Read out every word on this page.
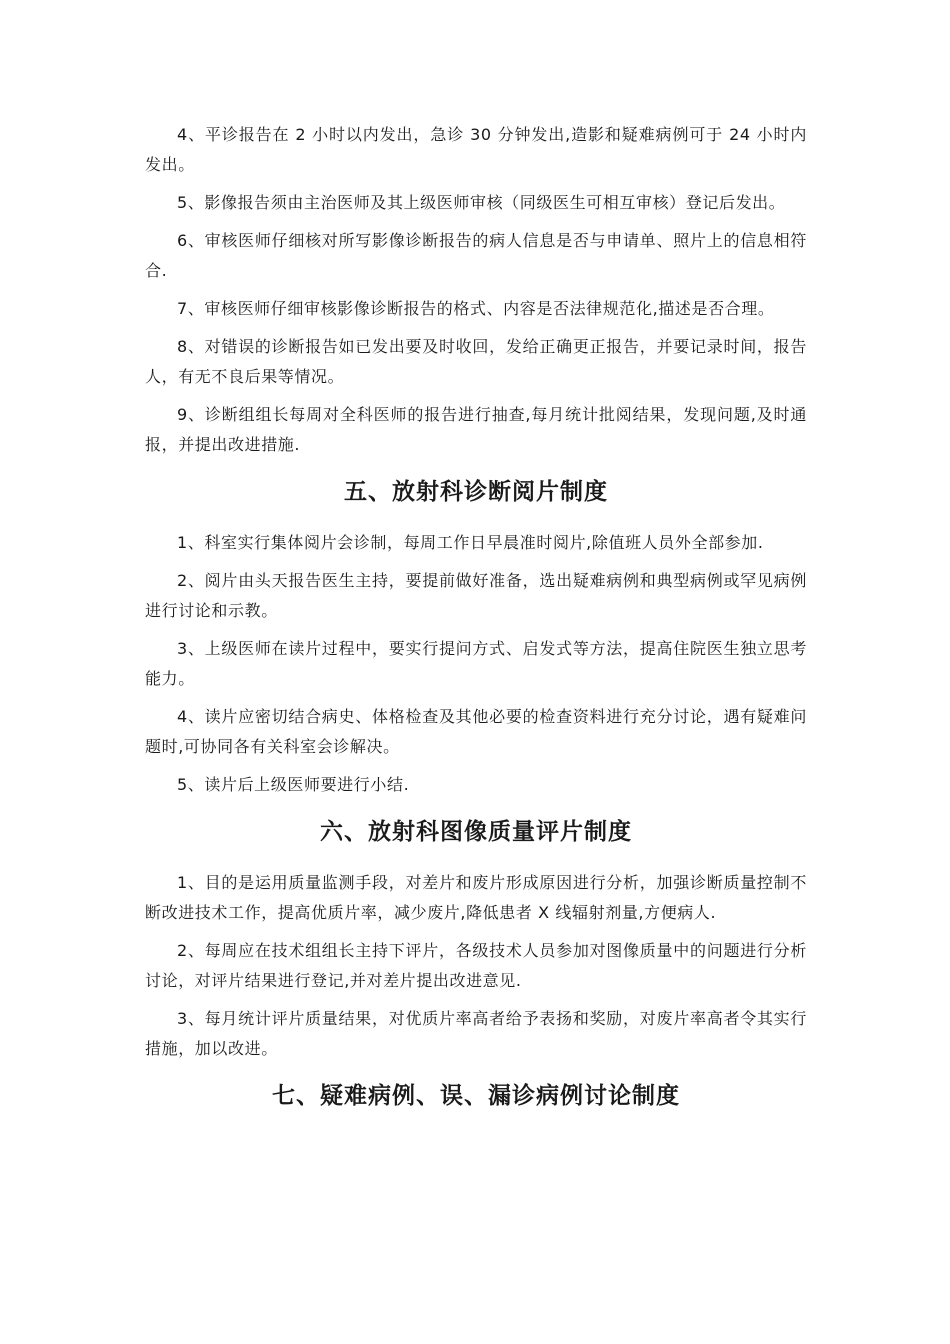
4、平诊报告在 2 小时以内发出，急诊 30 分钟发出,造影和疑难病例可于 24 小时内发出。

5、影像报告须由主治医师及其上级医师审核（同级医生可相互审核）登记后发出。

6、审核医师仔细核对所写影像诊断报告的病人信息是否与申请单、照片上的信息相符合.

7、审核医师仔细审核影像诊断报告的格式、内容是否法律规范化,描述是否合理。

8、对错误的诊断报告如已发出要及时收回，发给正确更正报告，并要记录时间，报告人，有无不良后果等情况。

9、诊断组组长每周对全科医师的报告进行抽查,每月统计批阅结果，发现问题,及时通报，并提出改进措施.

五、放射科诊断阅片制度

1、科室实行集体阅片会诊制，每周工作日早晨准时阅片,除值班人员外全部参加.

2、阅片由头天报告医生主持，要提前做好准备，选出疑难病例和典型病例或罕见病例进行讨论和示教。

3、上级医师在读片过程中，要实行提问方式、启发式等方法，提高住院医生独立思考能力。

4、读片应密切结合病史、体格检查及其他必要的检查资料进行充分讨论，遇有疑难问题时,可协同各有关科室会诊解决。

5、读片后上级医师要进行小结.

六、放射科图像质量评片制度

1、目的是运用质量监测手段，对差片和废片形成原因进行分析，加强诊断质量控制不断改进技术工作，提高优质片率，减少废片,降低患者 X 线辐射剂量,方便病人.

2、每周应在技术组组长主持下评片，各级技术人员参加对图像质量中的问题进行分析讨论，对评片结果进行登记,并对差片提出改进意见.

3、每月统计评片质量结果，对优质片率高者给予表扬和奖励，对废片率高者令其实行措施，加以改进。

七、疑难病例、误、漏诊病例讨论制度
